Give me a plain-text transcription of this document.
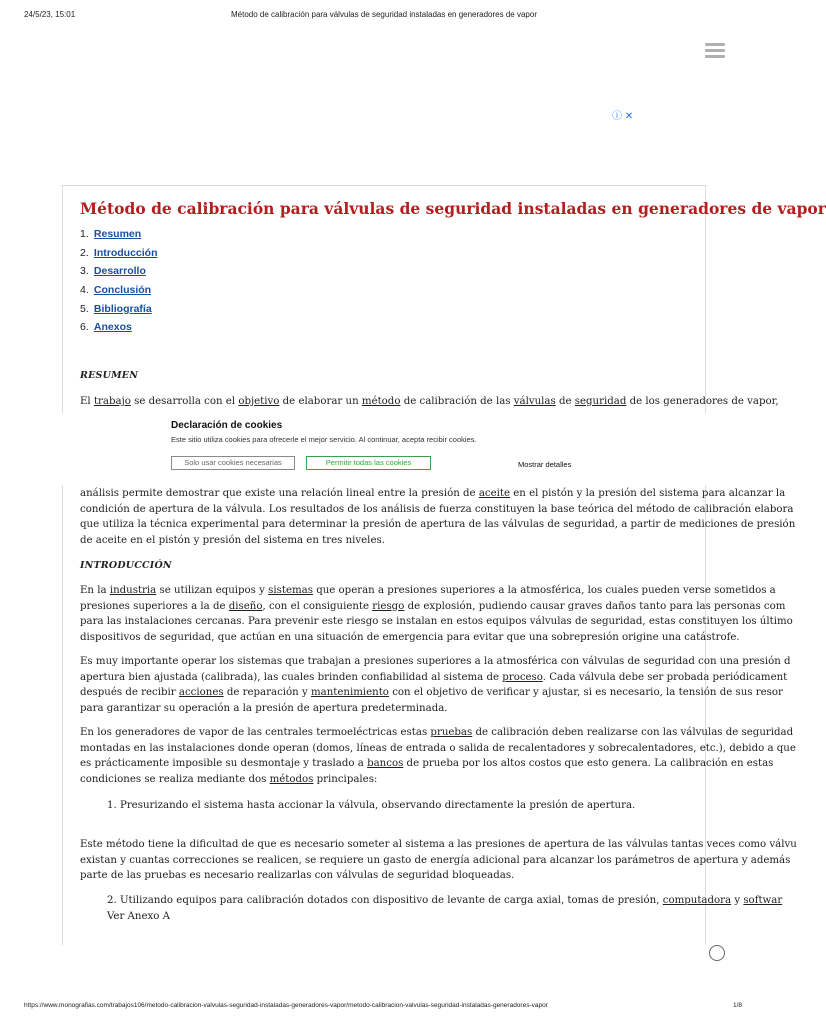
24/5/23, 15:01	Método de calibración para válvulas de seguridad instaladas en generadores de vapor
ⓘ ✕
Método de calibración para válvulas de seguridad instaladas en generadores de vapor
1. Resumen
2. Introducción
3. Desarrollo
4. Conclusión
5. Bibliografía
6. Anexos
RESUMEN
El trabajo se desarrolla con el objetivo de elaborar un método de calibración de las válvulas de seguridad de los generadores de vapor,
análisis permite demostrar que existe una relación lineal entre la presión de aceite en el pistón y la presión del sistema para alcanzar la
condición de apertura de la válvula. Los resultados de los análisis de fuerza constituyen la base teórica del método de calibración elabora
que utiliza la técnica experimental para determinar la presión de apertura de las válvulas de seguridad, a partir de mediciones de presión
de aceite en el pistón y presión del sistema en tres niveles.
INTRODUCCIÓN
En la industria se utilizan equipos y sistemas que operan a presiones superiores a la atmosférica, los cuales pueden verse sometidos a
presiones superiores a la de diseño, con el consiguiente riesgo de explosión, pudiendo causar graves daños tanto para las personas com
para las instalaciones cercanas. Para prevenir este riesgo se instalan en estos equipos válvulas de seguridad, estas constituyen los último
dispositivos de seguridad, que actúan en una situación de emergencia para evitar que una sobrepresión origine una catástrofe.
Es muy importante operar los sistemas que trabajan a presiones superiores a la atmosférica con válvulas de seguridad con una presión d
apertura bien ajustada (calibrada), las cuales brinden confiabilidad al sistema de proceso. Cada válvula debe ser probada periódicament
después de recibir acciones de reparación y mantenimiento con el objetivo de verificar y ajustar, si es necesario, la tensión de sus resor
para garantizar su operación a la presión de apertura predeterminada.
En los generadores de vapor de las centrales termoeléctricas estas pruebas de calibración deben realizarse con las válvulas de seguridad
montadas en las instalaciones donde operan (domos, líneas de entrada o salida de recalentadores y sobrecalentadores, etc.), debido a que
es prácticamente imposible su desmontaje y traslado a bancos de prueba por los altos costos que esto genera. La calibración en estas
condiciones se realiza mediante dos métodos principales:
1. Presurizando el sistema hasta accionar la válvula, observando directamente la presión de apertura.
Este método tiene la dificultad de que es necesario someter al sistema a las presiones de apertura de las válvulas tantas veces como válvu
existan y cuantas correcciones se realicen, se requiere un gasto de energía adicional para alcanzar los parámetros de apertura y además
parte de las pruebas es necesario realizarlas con válvulas de seguridad bloqueadas.
2. Utilizando equipos para calibración dotados con dispositivo de levante de carga axial, tomas de presión, computadora y softwar
Ver Anexo A
Declaración de cookies
Este sitio utiliza cookies para ofrecerle el mejor servicio. Al continuar, acepta recibir cookies.
Solo usar cookies necesarias	Permitir todas las cookies	Mostrar detalles
https://www.monografias.com/trabajos106/metodo-calibracion-valvulas-seguridad-instaladas-generadores-vapor/metodo-calibracion-valvulas-seguridad-instaladas-generadores-vapor	1/8
